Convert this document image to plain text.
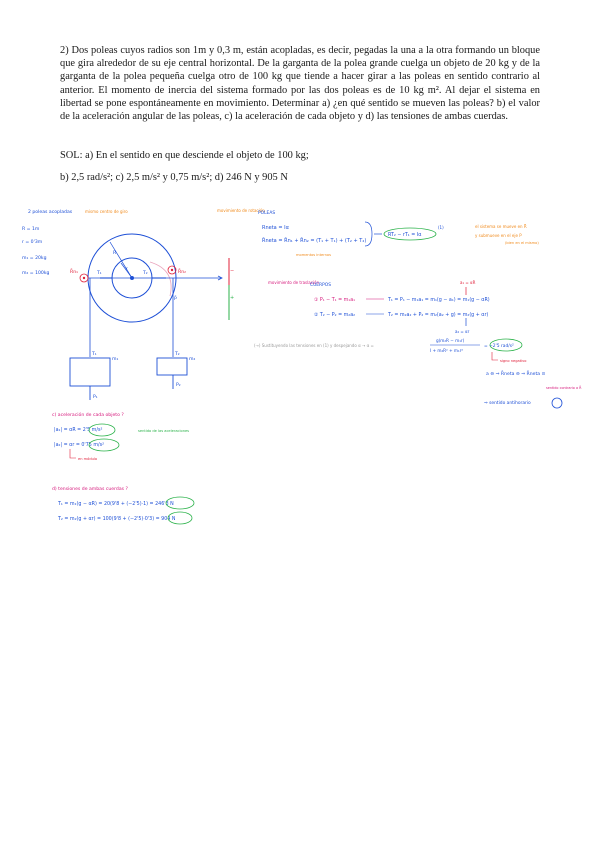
2) Dos poleas cuyos radios son 1m y 0,3 m, están acopladas, es decir, pegadas la una a la otra formando un bloque que gira alrededor de su eje central horizontal. De la garganta de la polea grande cuelga un objeto de 20 kg y de la garganta de la polea pequeña cuelga otro de 100 kg que tiende a hacer girar a las poleas en sentido contrario al anterior. El momento de inercia del sistema formado por las dos poleas es de 10 kg m². Al dejar el sistema en libertad se pone espontáneamente en movimiento. Determinar a) ¿en qué sentido se mueven las poleas? b) el valor de la aceleración angular de las poleas, c) la aceleración de cada objeto y d) las tensiones de ambas cuerdas.

SOL: a) En el sentido en que desciende el objeto de 100 kg;
b) 2,5 rad/s²; c) 2,5 m/s² y 0,75 m/s²; d) 246 N y 905 N
2 poleas acopladas	mismo centro de giro
R = 1m
r = 0'3m
m₁ = 20kg
m₂ = 100kg
R
r
T₁	T₂
R̄n₁	R̄n₂	−
+
T₁	T₂
P̄
m₁	m₂
P₁
P₂
movimiento de rotación
POLEAS
Rnetа = Iα
R̄neta = R̄n₁ + R̄n₂ = (T₁ + T₁) + (T₂ + T₂)
momentos internos
RT₂ − rT₁ = Iα
(1)	el sistema se mueve en R̄
y submueve en el eje P
(bien en el mismo)
movimiento de traslación
CUERPOS
a₁ = αR
① P₁ − T₁ = m₁a₁	T₁ = P₁ − m₁a₁ = m₁(g − a₁) = m₁(g − αR)
② T₂ − P₂ = m₂a₂	T₂ = m₂a₂ + P₂ = m₂(a₂ + g) = m₂(g + αr)
a₂ = αr
(→) Sustituyendo las tensiones en (1) y despejando α → α =
g(m₂R − m₁r)
I + m₂R² + m₁r²
= −2'5 rad/s²
signo negativo
a ⊖ ⇒ R̄neta ⊖ ⇒ R̄neta ⊙
sentido contrario a R̄
⇒ sentido antihorario
c) aceleración de cada objeto ?
|a₁| = αR = 2'5 m/s²
|a₂| = αr = 0'75 m/s²
sentido de las aceleraciones
en módulo
d) tensiones de ambas cuerdas ?
T₁ = m₁(g − αR) = 20(9'8 + (−2'5)·1) = 246'3 N
T₂ = m₂(g + αr) = 100(9'8 + (−2'5)·0'3) = 904 N
